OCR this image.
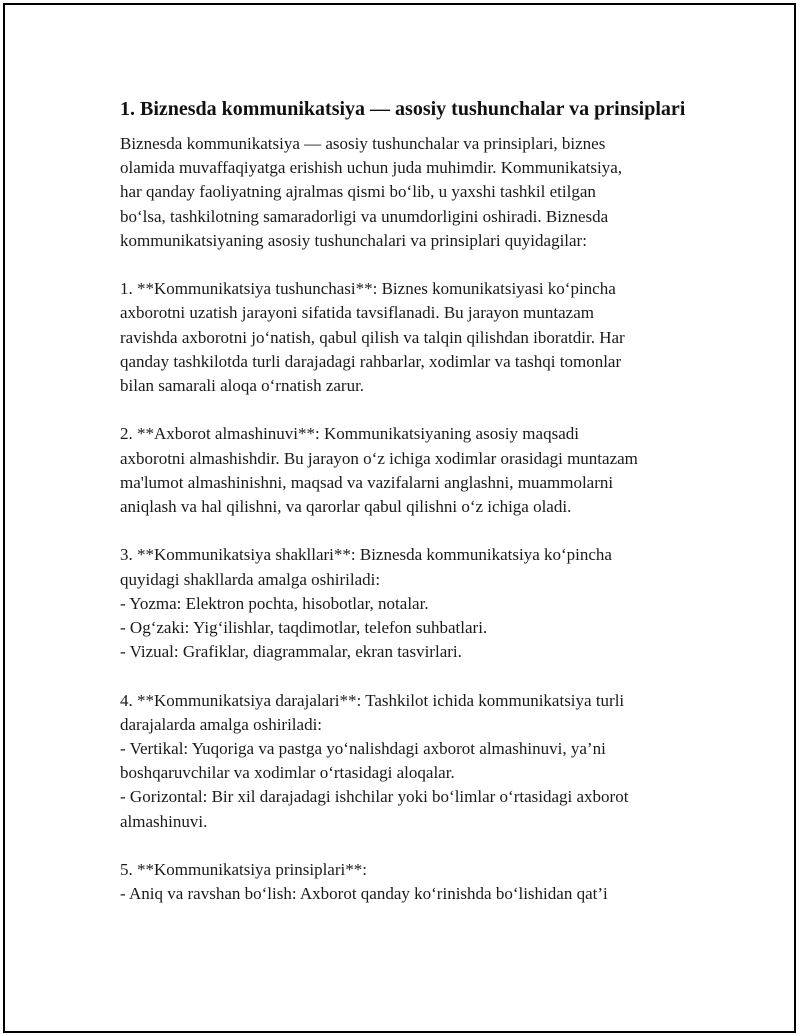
1. Biznesda kommunikatsiya — asosiy tushunchalar va prinsiplari

Biznesda kommunikatsiya — asosiy tushunchalar va prinsiplari, biznes
olamida muvaffaqiyatga erishish uchun juda muhimdir. Kommunikatsiya,
har qanday faoliyatning ajralmas qismi boʻlib, u yaxshi tashkil etilgan
boʻlsa, tashkilotning samaradorligi va unumdorligini oshiradi. Biznesda
kommunikatsiyaning asosiy tushunchalari va prinsiplari quyidagilar:

1. **Kommunikatsiya tushunchasi**: Biznes komunikatsiyasi koʻpincha
axborotni uzatish jarayoni sifatida tavsiflanadi. Bu jarayon muntazam
ravishda axborotni joʻnatish, qabul qilish va talqin qilishdan iboratdir. Har
qanday tashkilotda turli darajadagi rahbarlar, xodimlar va tashqi tomonlar
bilan samarali aloqa oʻrnatish zarur.

2. **Axborot almashinuvi**: Kommunikatsiyaning asosiy maqsadi
axborotni almashishdir. Bu jarayon oʻz ichiga xodimlar orasidagi muntazam
ma'lumot almashinishni, maqsad va vazifalarni anglashni, muammolarni
aniqlash va hal qilishni, va qarorlar qabul qilishni oʻz ichiga oladi.

3. **Kommunikatsiya shakllari**: Biznesda kommunikatsiya koʻpincha
quyidagi shakllarda amalga oshiriladi:
- Yozma: Elektron pochta, hisobotlar, notalar.
- Ogʻzaki: Yigʻilishlar, taqdimotlar, telefon suhbatlari.
- Vizual: Grafiklar, diagrammalar, ekran tasvirlari.

4. **Kommunikatsiya darajalari**: Tashkilot ichida kommunikatsiya turli
darajalarda amalga oshiriladi:
- Vertikal: Yuqoriga va pastga yoʻnalishdagi axborot almashinuvi, ya’ni
boshqaruvchilar va xodimlar oʻrtasidagi aloqalar.
- Gorizontal: Bir xil darajadagi ishchilar yoki boʻlimlar oʻrtasidagi axborot
almashinuvi.

5. **Kommunikatsiya prinsiplari**:
- Aniq va ravshan boʻlish: Axborot qanday koʻrinishda boʻlishidan qat’i
